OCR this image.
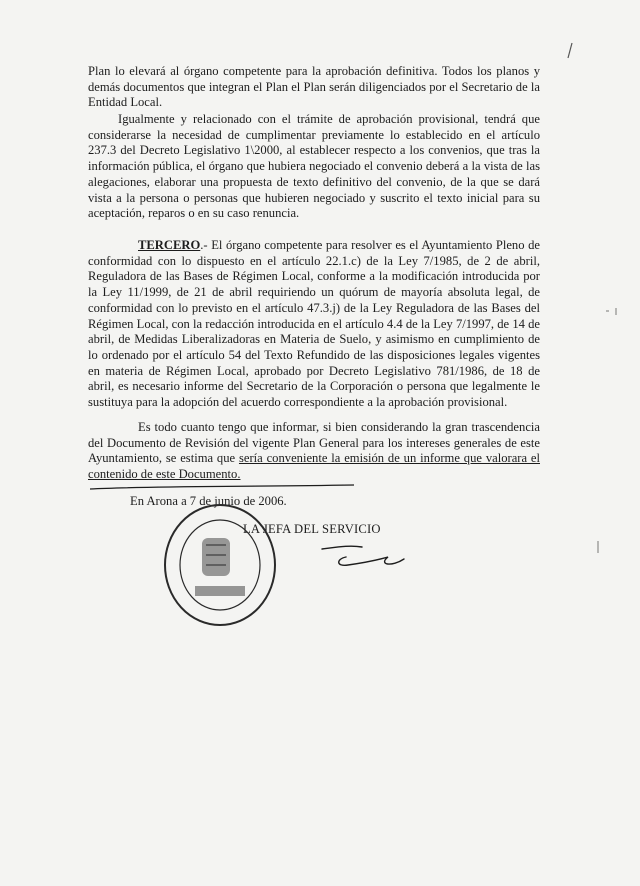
Plan lo elevará al órgano competente para la aprobación definitiva. Todos los planos y demás documentos que integran el Plan el Plan serán diligenciados por el Secretario de la Entidad Local.

Igualmente y relacionado con el trámite de aprobación provisional, tendrá que considerarse la necesidad de cumplimentar previamente lo establecido en el artículo 237.3 del Decreto Legislativo 1\2000, al establecer respecto a los convenios, que tras la información pública, el órgano que hubiera negociado el convenio deberá a la vista de las alegaciones, elaborar una propuesta de texto definitivo del convenio, de la que se dará vista a la persona o personas que hubieren negociado y suscrito el texto inicial para su aceptación, reparos o en su caso renuncia.

TERCERO.- El órgano competente para resolver es el Ayuntamiento Pleno de conformidad con lo dispuesto en el artículo 22.1.c) de la Ley 7/1985, de 2 de abril, Reguladora de las Bases de Régimen Local, conforme a la modificación introducida por la Ley 11/1999, de 21 de abril requiriendo un quórum de mayoría absoluta legal, de conformidad con lo previsto en el artículo 47.3.j) de la Ley Reguladora de las Bases del Régimen Local, con la redacción introducida en el artículo 4.4 de la Ley 7/1997, de 14 de abril, de Medidas Liberalizadoras en Materia de Suelo, y asimismo en cumplimiento de lo ordenado por el artículo 54 del Texto Refundido de las disposiciones legales vigentes en materia de Régimen Local, aprobado por Decreto Legislativo 781/1986, de 18 de abril, es necesario informe del Secretario de la Corporación o persona que legalmente le sustituya para la adopción del acuerdo correspondiente a la aprobación provisional.

Es todo cuanto tengo que informar, si bien considerando la gran trascendencia del Documento de Revisión del vigente Plan General para los intereses generales de este Ayuntamiento, se estima que sería conveniente la emisión de un informe que valorara el contenido de este Documento.

En Arona a 7 de junio de 2006.
LA JEFA DEL SERVICIO
